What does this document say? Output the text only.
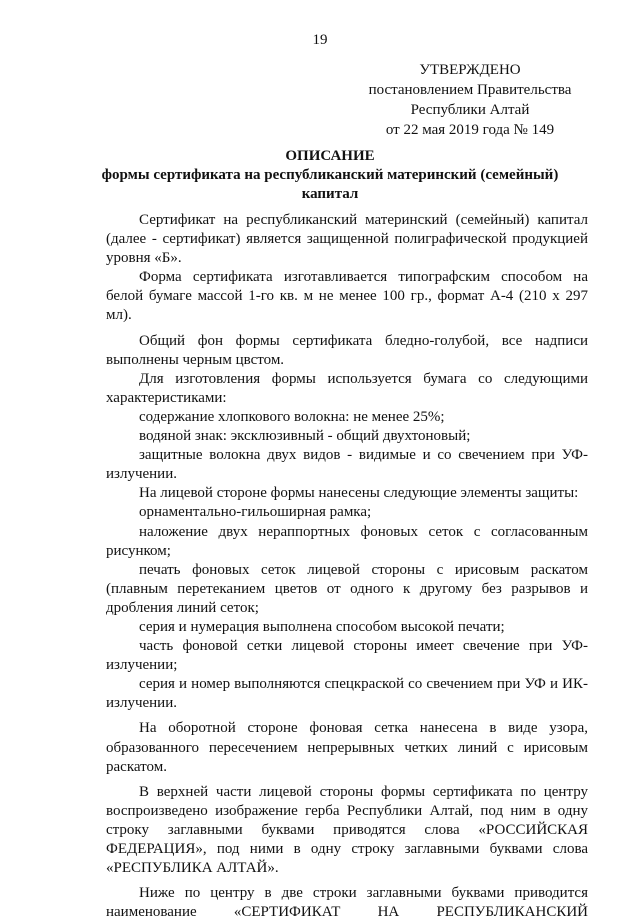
19
УТВЕРЖДЕНО
постановлением Правительства
Республики Алтай
от 22 мая 2019 года № 149
ОПИСАНИЕ
формы сертификата на республиканский материнский (семейный) капитал

Сертификат на республиканский материнский (семейный) капитал (далее - сертификат) является защищенной полиграфической продукцией уровня «Б».

Форма сертификата изготавливается типографским способом на белой бумаге массой 1-го кв. м не менее 100 гр., формат А-4 (210 х 297 мл).

Общий фон формы сертификата бледно-голубой, все надписи выполнены черным цвстом.

Для изготовления формы используется бумага со следующими характеристиками:

содержание хлопкового волокна: не менее 25%;

водяной знак: эксклюзивный - общий двухтоновый;

защитные волокна двух видов - видимые и со свечением при УФ-излучении.

На лицевой стороне формы нанесены следующие элементы защиты:

орнаментально-гильоширная рамка;

наложение двух нераппортных фоновых сеток с согласованным рисунком;

печать фоновых сеток лицевой стороны с ирисовым раскатом (плавным перетеканием цветов от одного к другому без разрывов и дробления линий сеток;

серия и нумерация выполнена способом высокой печати;

часть фоновой сетки лицевой стороны имеет свечение при УФ-излучении;

серия и номер выполняются спецкраской со свечением при УФ и ИК-излучении.

На оборотной стороне фоновая сетка нанесена в виде узора, образованного пересечением непрерывных четких линий с ирисовым раскатом.

В верхней части лицевой стороны формы сертификата по центру воспроизведено изображение герба Республики Алтай, под ним в одну строку заглавными буквами приводятся слова «РОССИЙСКАЯ ФЕДЕРАЦИЯ», под ними в одну строку заглавными буквами слова «РЕСПУБЛИКА АЛТАЙ».

Ниже по центру в две строки заглавными буквами приводится наименование «СЕРТИФИКАТ НА РЕСПУБЛИКАНСКИЙ
